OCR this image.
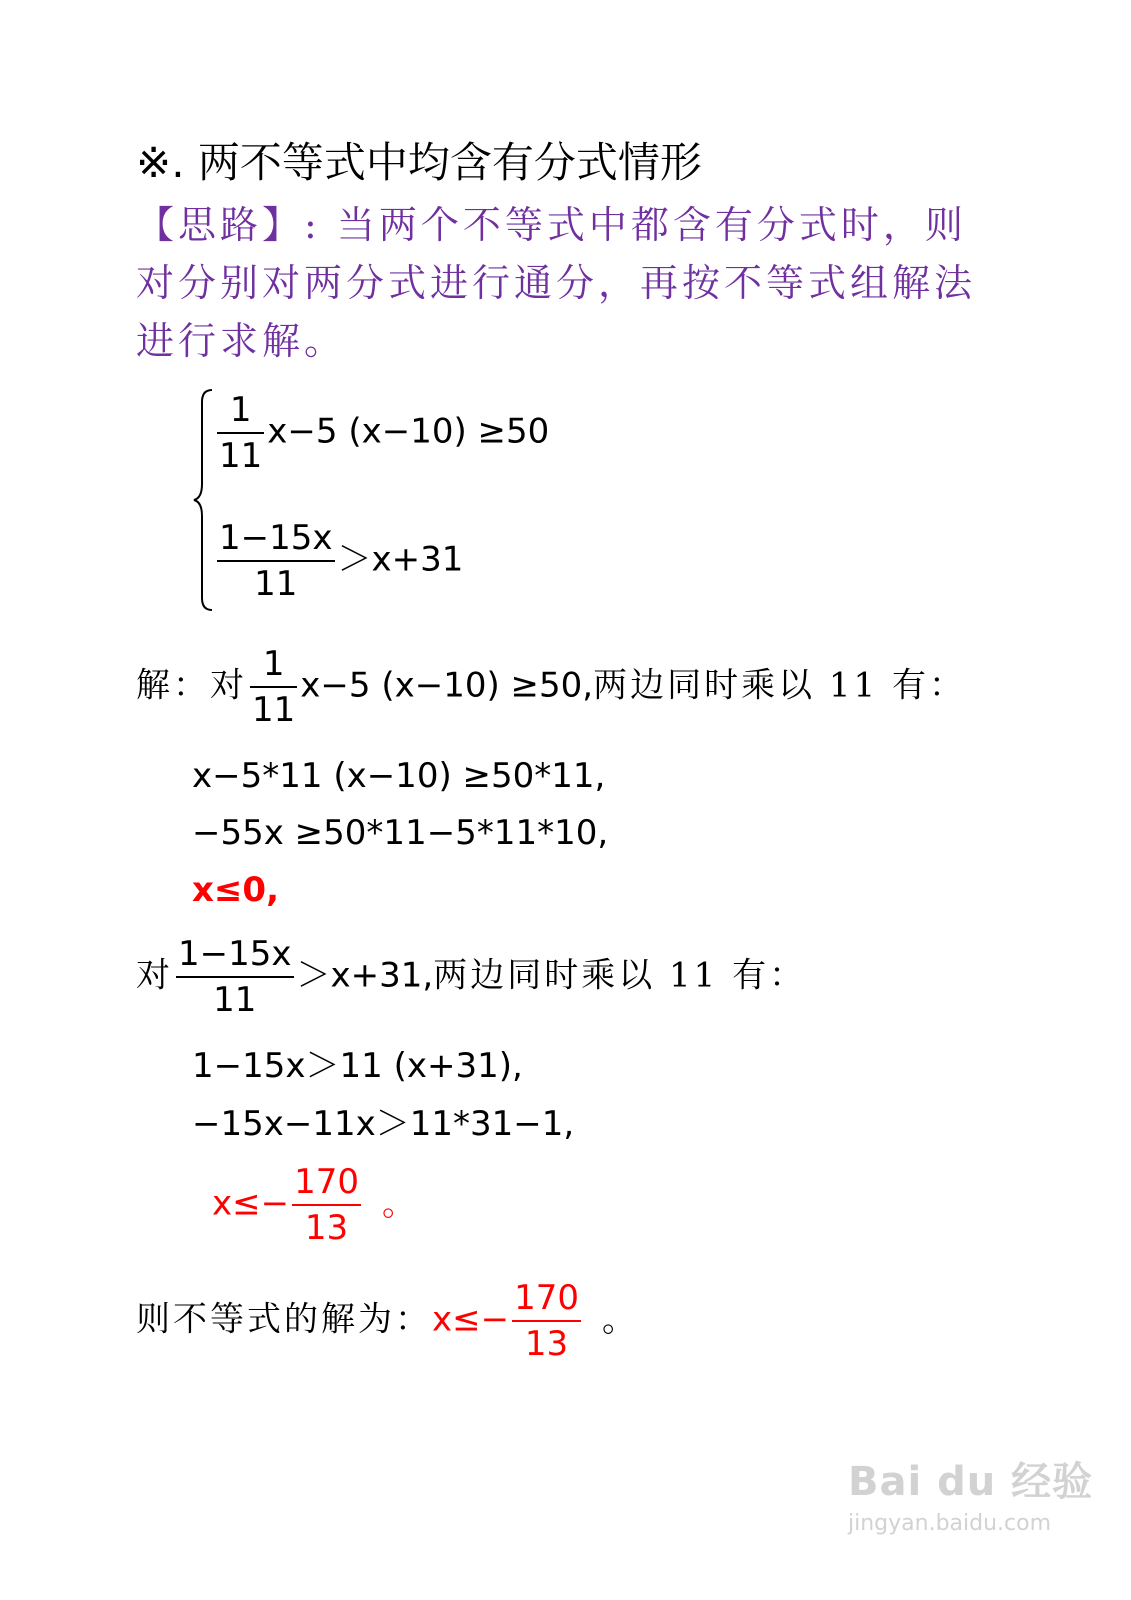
※. 两不等式中均含有分式情形
【思路】: 当两个不等式中都含有分式时，则对分别对两分式进行通分，再按不等式组解法进行求解。
$\frac{1}{11} x-5$ (x−10) ≥50
$\frac{1-15x}{11} >x+31$
解：对 $\frac{1}{11} x-5$ (x−10) ≥50,两边同时乘以 11 有：
x−5*11 (x−10) ≥50*11,
−55x ≥50*11−5*11*10,
x≤0,
对 $\frac{1-15x}{11} >x+31$,两边同时乘以 11 有：
1−15x＞11 (x+31),
−15x−11x＞11*31−1,
$x\le- \frac{170}{13}$ 。
则不等式的解为：$x\le- \frac{170}{13}$ 。
Bai du 经验
jingyan.baidu.com
